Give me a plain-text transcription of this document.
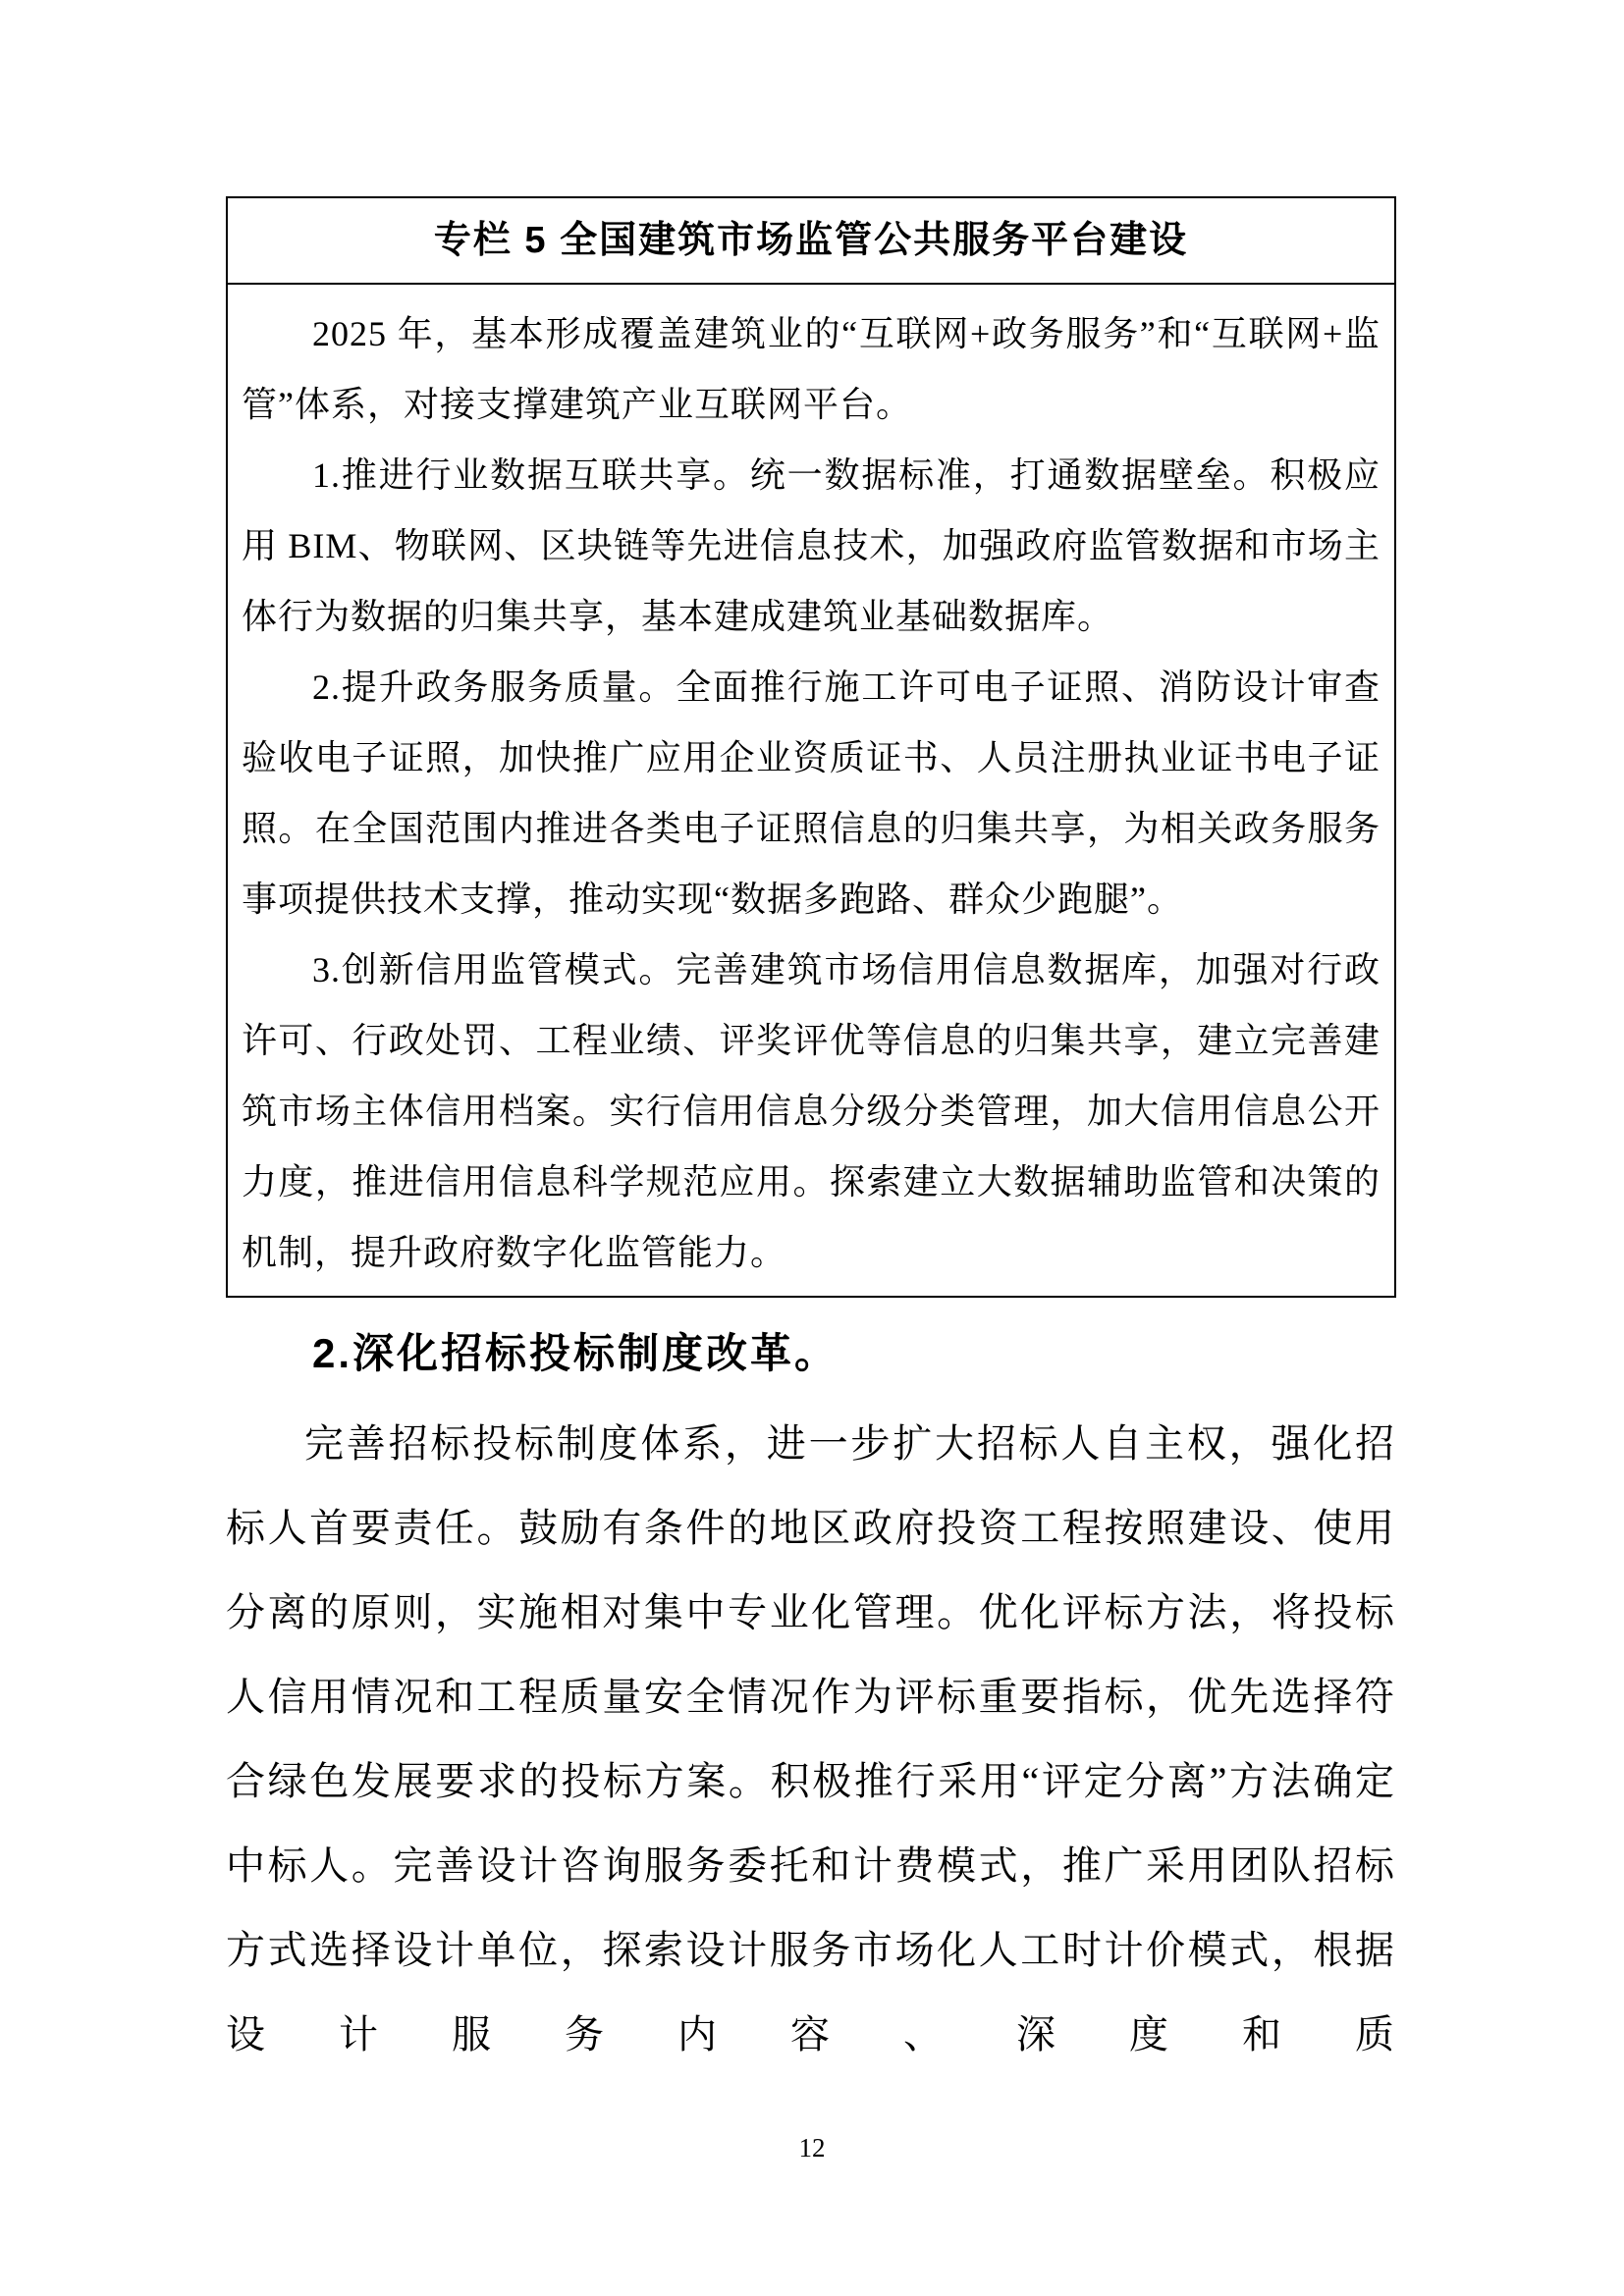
专栏 5 全国建筑市场监管公共服务平台建设

2025 年，基本形成覆盖建筑业的“互联网+政务服务”和“互联网+监管”体系，对接支撑建筑产业互联网平台。

1.推进行业数据互联共享。统一数据标准，打通数据壁垒。积极应用 BIM、物联网、区块链等先进信息技术，加强政府监管数据和市场主体行为数据的归集共享，基本建成建筑业基础数据库。

2.提升政务服务质量。全面推行施工许可电子证照、消防设计审查验收电子证照，加快推广应用企业资质证书、人员注册执业证书电子证照。在全国范围内推进各类电子证照信息的归集共享，为相关政务服务事项提供技术支撑，推动实现“数据多跑路、群众少跑腿”。

3.创新信用监管模式。完善建筑市场信用信息数据库，加强对行政许可、行政处罚、工程业绩、评奖评优等信息的归集共享，建立完善建筑市场主体信用档案。实行信用信息分级分类管理，加大信用信息公开力度，推进信用信息科学规范应用。探索建立大数据辅助监管和决策的机制，提升政府数字化监管能力。

2.深化招标投标制度改革。

完善招标投标制度体系，进一步扩大招标人自主权，强化招标人首要责任。鼓励有条件的地区政府投资工程按照建设、使用分离的原则，实施相对集中专业化管理。优化评标方法，将投标人信用情况和工程质量安全情况作为评标重要指标，优先选择符合绿色发展要求的投标方案。积极推行采用“评定分离”方法确定中标人。完善设计咨询服务委托和计费模式，推广采用团队招标方式选择设计单位，探索设计服务市场化人工时计价模式，根据设计服务内容、深度和质

12
